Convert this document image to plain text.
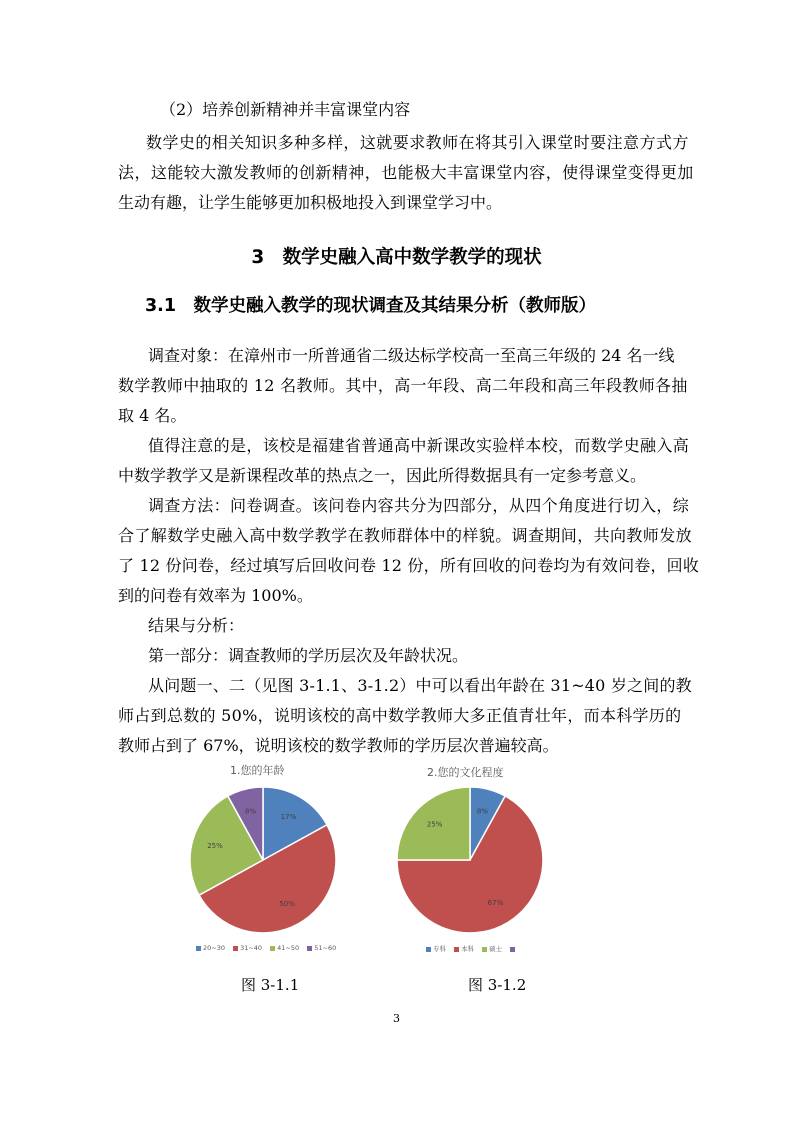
（2）培养创新精神并丰富课堂内容
数学史的相关知识多种多样，这就要求教师在将其引入课堂时要注意方式方
法，这能较大激发教师的创新精神，也能极大丰富课堂内容，使得课堂变得更加
生动有趣，让学生能够更加积极地投入到课堂学习中。
3　数学史融入高中数学教学的现状
3.1　数学史融入教学的现状调查及其结果分析（教师版）
调查对象：在漳州市一所普通省二级达标学校高一至高三年级的 24 名一线
数学教师中抽取的 12 名教师。其中，高一年段、高二年段和高三年段教师各抽
取 4 名。
值得注意的是，该校是福建省普通高中新课改实验样本校，而数学史融入高
中数学教学又是新课程改革的热点之一，因此所得数据具有一定参考意义。
调查方法：问卷调查。该问卷内容共分为四部分，从四个角度进行切入，综
合了解数学史融入高中数学教学在教师群体中的样貌。调查期间，共向教师发放
了 12 份问卷，经过填写后回收问卷 12 份，所有回收的问卷均为有效问卷，回收
到的问卷有效率为 100%。
结果与分析：
第一部分：调查教师的学历层次及年龄状况。
从问题一、二（见图 3-1.1、3-1.2）中可以看出年龄在 31~40 岁之间的教
师占到总数的 50%，说明该校的高中数学教师大多正值青壮年，而本科学历的
教师占到了 67%，说明该校的数学教师的学历层次普遍较高。
1.您的年龄
17%
50%
25%
8%
20~30 31~40 41~50 51~60
2.您的文化程度
8%
67%
25%
专科 本科 硕士
图 3-1.1	图 3-1.2
3
